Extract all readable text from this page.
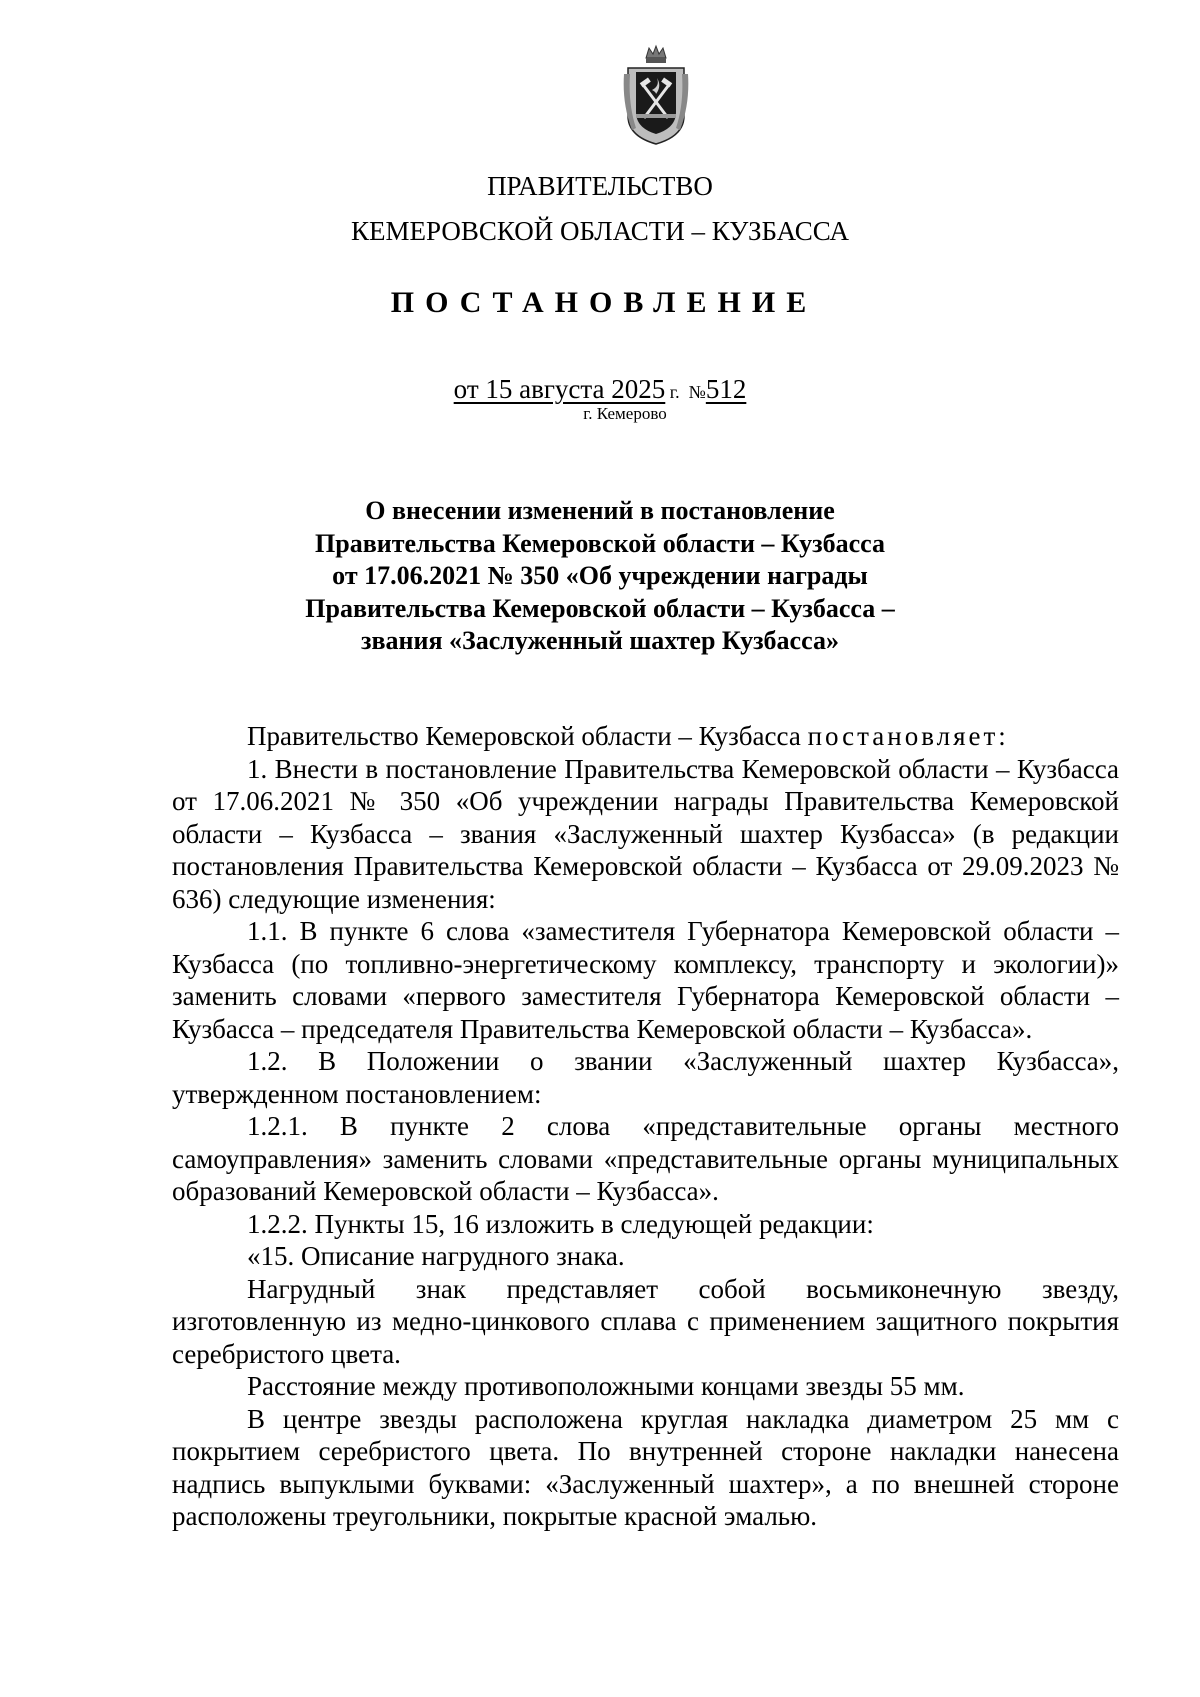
ПРАВИТЕЛЬСТВО
КЕМЕРОВСКОЙ ОБЛАСТИ – КУЗБАССА
ПОСТАНОВЛЕНИЕ
от 15 августа 2025 г. №512
г. Кемерово
О внесении изменений в постановление
Правительства Кемеровской области – Кузбасса
от 17.06.2021 № 350 «Об учреждении награды
Правительства Кемеровской области – Кузбасса –
звания «Заслуженный шахтер Кузбасса»

Правительство Кемеровской области – Кузбасса постановляет:

1. Внести в постановление Правительства Кемеровской области – Кузбасса от 17.06.2021 № 350 «Об учреждении награды Правительства Кемеровской области – Кузбасса – звания «Заслуженный шахтер Кузбасса» (в редакции постановления Правительства Кемеровской области – Кузбасса от 29.09.2023 № 636) следующие изменения:

1.1. В пункте 6 слова «заместителя Губернатора Кемеровской области – Кузбасса (по топливно-энергетическому комплексу, транспорту и экологии)» заменить словами «первого заместителя Губернатора Кемеровской области – Кузбасса – председателя Правительства Кемеровской области – Кузбасса».

1.2. В Положении о звании «Заслуженный шахтер Кузбасса», утвержденном постановлением:

1.2.1. В пункте 2 слова «представительные органы местного самоуправления» заменить словами «представительные органы муниципальных образований Кемеровской области – Кузбасса».

1.2.2. Пункты 15, 16 изложить в следующей редакции:

«15. Описание нагрудного знака.

Нагрудный знак представляет собой восьмиконечную звезду, изготовленную из медно-цинкового сплава с применением защитного покрытия серебристого цвета.

Расстояние между противоположными концами звезды 55 мм.

В центре звезды расположена круглая накладка диаметром 25 мм с покрытием серебристого цвета. По внутренней стороне накладки нанесена надпись выпуклыми буквами: «Заслуженный шахтер», а по внешней стороне расположены треугольники, покрытые красной эмалью.
